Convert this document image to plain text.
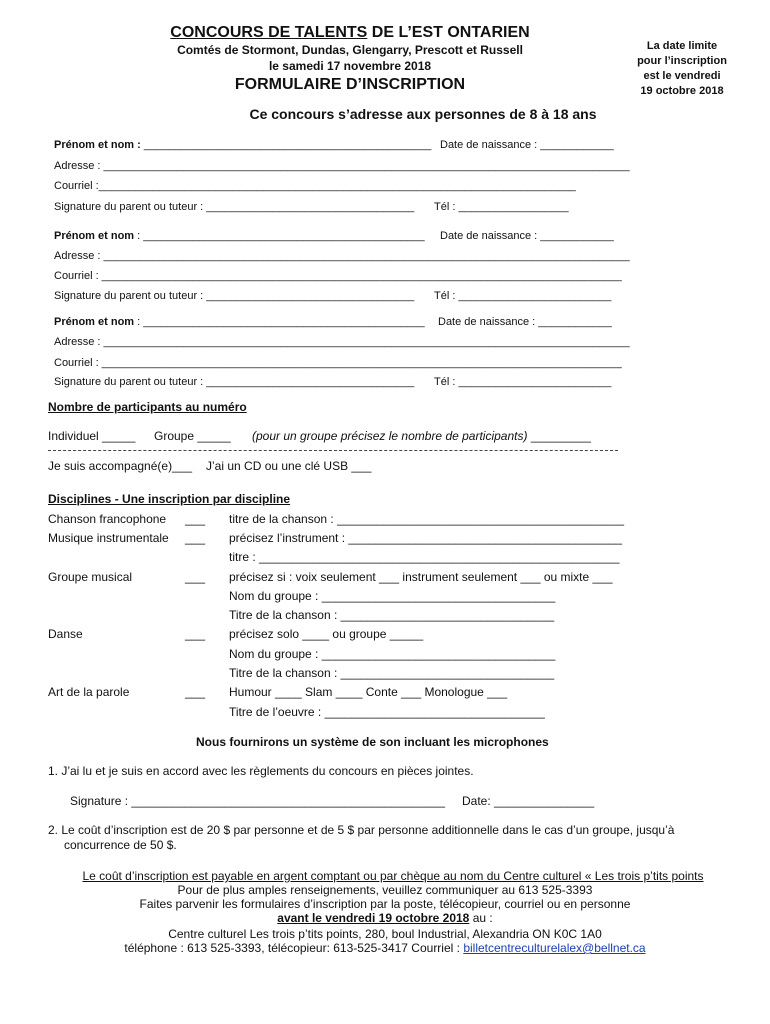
CONCOURS DE TALENTS DE L’EST ONTARIEN
Comtés de Stormont, Dundas, Glengarry, Prescott et Russell
le samedi 17 novembre 2018
FORMULAIRE D’INSCRIPTION
Ce concours s’adresse aux personnes de 8 à 18 ans
La date limite
pour l’inscription
est le vendredi
19 octobre 2018
Prénom et nom : _______________________________________________ Date de naissance : ____________
Adresse : ______________________________________________________________________________________
Courriel :______________________________________________________________________________
Signature du parent ou tuteur : __________________________________ Tél : __________________
Prénom et nom : ______________________________________________ Date de naissance : ____________
Adresse : ______________________________________________________________________________________
Courriel : _____________________________________________________________________________________
Signature du parent ou tuteur : __________________________________ Tél : _________________________
Prénom et nom : ______________________________________________ Date de naissance : ____________
Adresse : ______________________________________________________________________________________
Courriel : _____________________________________________________________________________________
Signature du parent ou tuteur : __________________________________ Tél : _________________________
Nombre de participants au numéro
Individuel _____ Groupe _____ (pour un groupe précisez le nombre de participants) _________
Je suis accompagné(e)___ J’ai un CD ou une clé USB ___
Disciplines - Une inscription par discipline
Chanson francophone ___ titre de la chanson : ___________________________________________
Musique instrumentale ___ précisez l’instrument : _________________________________________
titre : ______________________________________________________
Groupe musical	___ précisez si : voix seulement ___ instrument seulement ___ ou mixte ___
Nom du groupe : ___________________________________
Titre de la chanson : ________________________________
Danse	___ précisez solo ____ ou groupe _____
Nom du groupe : ___________________________________
Titre de la chanson : ________________________________
Art de la parole	___ Humour ____ Slam ____ Conte ___ Monologue ___
Titre de l’oeuvre : _________________________________
Nous fournirons un système de son incluant les microphones
1. J’ai lu et je suis en accord avec les règlements du concours en pièces jointes.
Signature : _______________________________________________ Date: _______________
2. Le coût d’inscription est de 20 $ par personne et de 5 $ par personne additionnelle dans le cas d’un groupe, jusqu’à
concurrence de 50 $.
Le coût d’inscription est payable en argent comptant ou par chèque au nom du Centre culturel « Les trois p’tits points
Pour de plus amples renseignements, veuillez communiquer au 613 525-3393
Faites parvenir les formulaires d’inscription par la poste, télécopieur, courriel ou en personne
avant le vendredi 19 octobre 2018 au :
Centre culturel Les trois p’tits points, 280, boul Industrial, Alexandria ON K0C 1A0
téléphone : 613 525-3393, télécopieur: 613-525-3417 Courriel : billetcentreculturelalex@bellnet.ca
